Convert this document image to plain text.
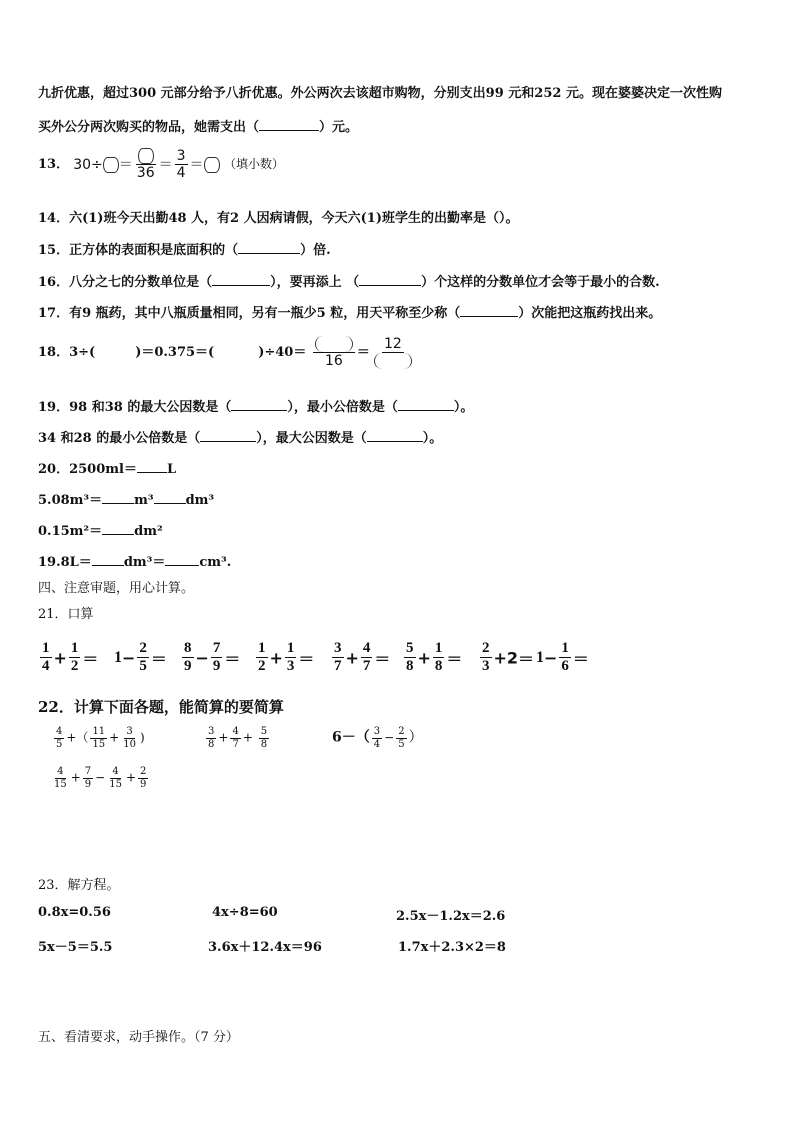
九折优惠，超过300 元部分给予八折优惠。外公两次去该超市购物，分别支出99 元和252 元。现在婆婆决定一次性购
买外公分两次购买的物品，她需支出（	）元。
13． 30÷ ＝
36
＝ $\frac{3}{4}$ ＝ （填小数）
14．六(1)班今天出勤48 人，有2 人因病请假，今天六(1)班学生的出勤率是（）。
15．正方体的表面积是底面积的（	）倍.
16．八分之七的分数单位是（	），要再添上 （	）个这样的分数单位才会等于最小的合数.
17．有9 瓶药，其中八瓶质量相同，另有一瓶少5 粒，用天平称至少称（	）次能把这瓶药找出来。
18．3÷(	)＝0.375＝(	)÷40＝
16
＝
12
19．98 和38 的最大公因数是（	），最小公倍数是（	）。
34 和28 的最小公倍数是（	），最大公因数是（	）。
20．2500ml＝ L
5.08m³＝ m³ dm³
0.15m²＝ dm²
19.8L＝ dm³＝	cm³.
四、注意审题，用心计算。
21．口算
$\frac{1}{4} + \frac{1}{2} = 1- \frac{2}{5} = \frac{8}{9} - \frac{7}{9} = \frac{1}{2} + \frac{1}{3} = \frac{3}{7} + \frac{4}{7} = \frac{5}{8} + \frac{1}{8} = \frac{2}{3} +2= 1- \frac{1}{6}$ ＝
22．计算下面各题，能简算的要简算
$\frac{4}{5}$ +（ $\frac{11}{15} + \frac{3}{10}$ )	$\frac{3}{8} + \frac{4}{7} + \frac{5}{8}$	$6-( \frac{3}{4} - \frac{2}{5}$ ）
$\frac{4}{15} + \frac{7}{9} - \frac{4}{15} + \frac{2}{9}$
23．解方程。
0.8x=0.56	4x÷8=60	2.5x－1.2x＝2.6
5x－5＝5.5	3.6x＋12.4x＝96	1.7x＋2.3×2＝8
五、看清要求，动手操作。（7 分）
